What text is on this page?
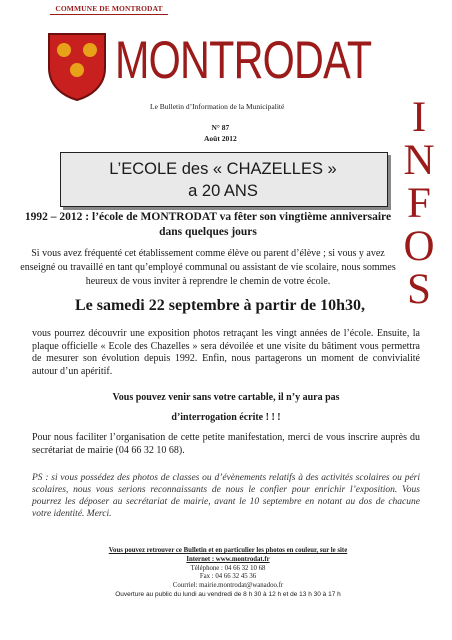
COMMUNE DE MONTRODAT
MONTRODAT
Le Bulletin d’Information de la Municipalité
N° 87
Août 2012	I
N
F
O
S
L’ECOLE des « CHAZELLES »
a 20 ANS
1992 – 2012 : l’école de MONTRODAT va fêter son vingtième anniversaire dans quelques jours
Si vous avez fréquenté cet établissement comme élève ou parent d’élève ; si vous y avez enseigné ou travaillé en tant qu’employé communal ou assistant de vie scolaire, nous sommes heureux de vous inviter à reprendre le chemin de votre école.
Le samedi 22 septembre à partir de 10h30,
vous pourrez découvrir une exposition photos retraçant les vingt années de l’école. Ensuite, la plaque officielle « Ecole des Chazelles » sera dévoilée et une visite du bâtiment vous permettra de mesurer son évolution depuis 1992. Enfin, nous partagerons un moment de convivialité autour d’un apéritif.
Vous pouvez venir sans votre cartable, il n’y aura pas
d’interrogation écrite ! ! !
Pour nous faciliter l’organisation de cette petite manifestation, merci de vous inscrire auprès du secrétariat de mairie (04 66 32 10 68).
PS : si vous possédez des photos de classes ou d’évènements relatifs à des activités scolaires ou péri scolaires, nous vous serions reconnaissants de nous le confier pour enrichir l’exposition. Vous pourrez les déposer au secrétariat de mairie, avant le 10 septembre en notant au dos de chacune votre identité. Merci.
Vous pouvez retrouver ce Bulletin et en particulier les photos en couleur, sur le site
Internet : www.montrodat.fr
Téléphone : 04 66 32 10 68
Fax : 04 66 32 45 36
Courriel: mairie.montrodat@wanadoo.fr
Ouverture au public du lundi au vendredi de 8 h 30 à 12 h et de 13 h 30 à 17 h
